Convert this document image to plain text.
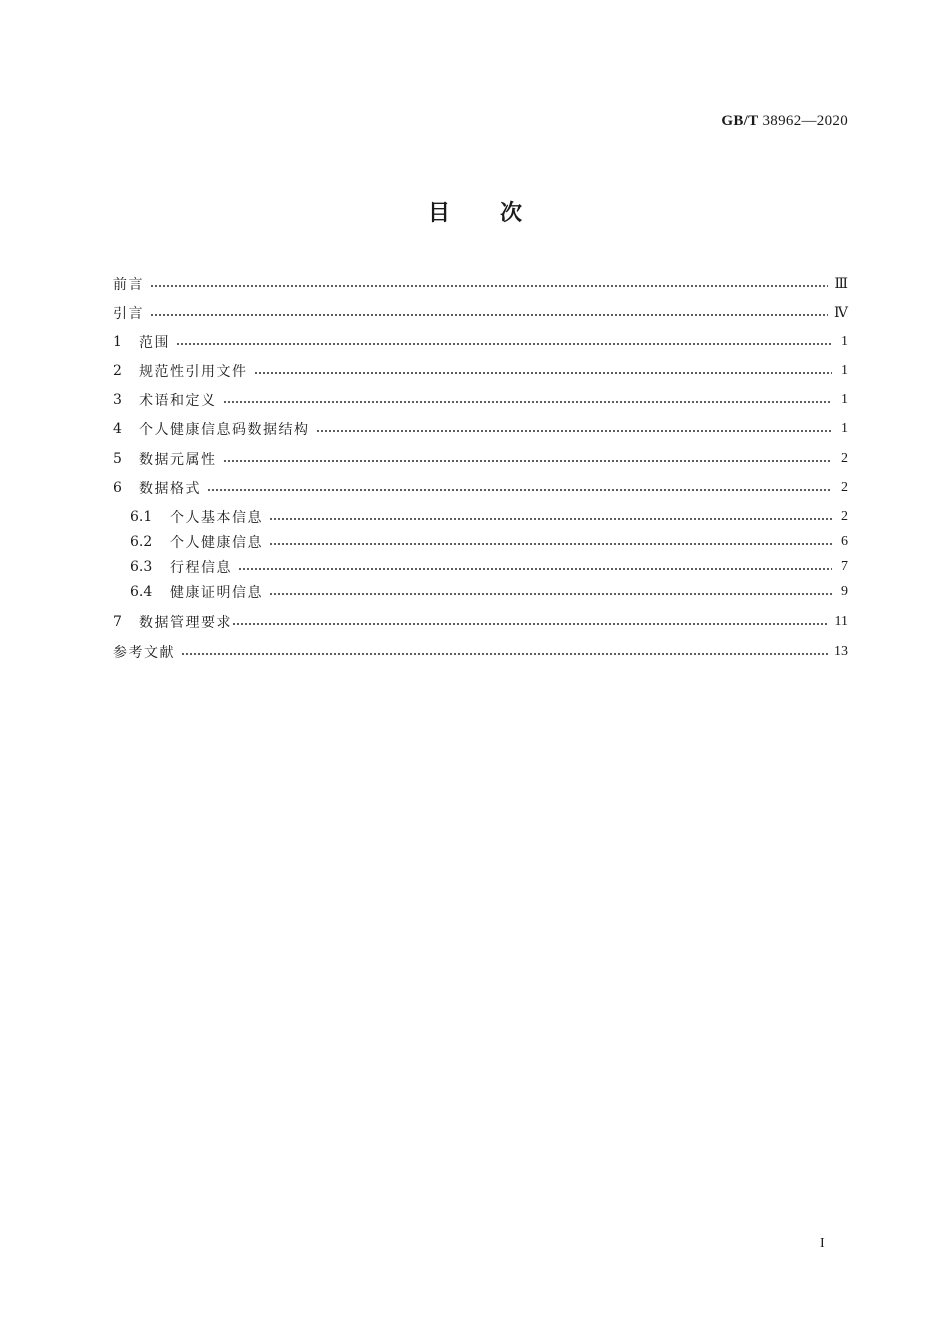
GB/T 38962—2020
目次
前言	Ⅲ
引言	Ⅳ
1	范围	1
2	规范性引用文件	1
3	术语和定义	1
4	个人健康信息码数据结构	1
5	数据元属性	2
6	数据格式	2
6.1	个人基本信息	2
6.2	个人健康信息	6
6.3	行程信息	7
6.4	健康证明信息	9
7	数据管理要求	11
参考文献	13
I
